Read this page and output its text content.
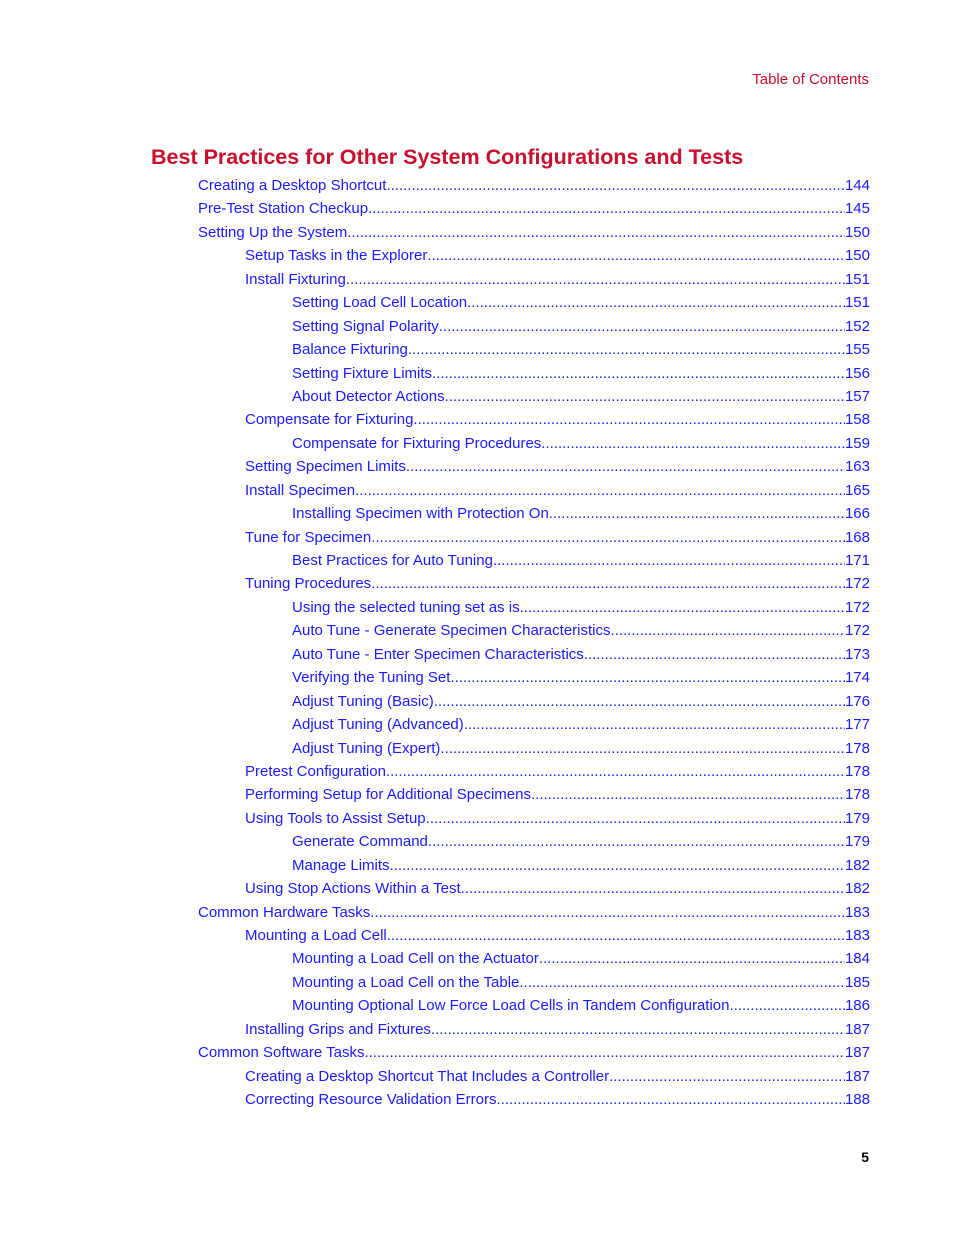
Table of Contents
Best Practices for Other System Configurations and Tests
Creating a Desktop Shortcut .....	144
Pre-Test Station Checkup .....	145
Setting Up the System .....	150
Setup Tasks in the Explorer .....	150
Install Fixturing .....	151
Setting Load Cell Location .....	151
Setting Signal Polarity .....	152
Balance Fixturing .....	155
Setting Fixture Limits .....	156
About Detector Actions .....	157
Compensate for Fixturing .....	158
Compensate for Fixturing Procedures .....	159
Setting Specimen Limits .....	163
Install Specimen .....	165
Installing Specimen with Protection On .....	166
Tune for Specimen .....	168
Best Practices for Auto Tuning .....	171
Tuning Procedures .....	172
Using the selected tuning set as is .....	172
Auto Tune - Generate Specimen Characteristics .....	172
Auto Tune - Enter Specimen Characteristics .....	173
Verifying the Tuning Set .....	174
Adjust Tuning (Basic) .....	176
Adjust Tuning (Advanced) .....	177
Adjust Tuning (Expert) .....	178
Pretest Configuration .....	178
Performing Setup for Additional Specimens .....	178
Using Tools to Assist Setup .....	179
Generate Command .....	179
Manage Limits .....	182
Using Stop Actions Within a Test .....	182
Common Hardware Tasks .....	183
Mounting a Load Cell .....	183
Mounting a Load Cell on the Actuator .....	184
Mounting a Load Cell on the Table .....	185
Mounting Optional Low Force Load Cells in Tandem Configuration .....	186
Installing Grips and Fixtures .....	187
Common Software Tasks .....	187
Creating a Desktop Shortcut That Includes a Controller .....	187
Correcting Resource Validation Errors .....	188
5
